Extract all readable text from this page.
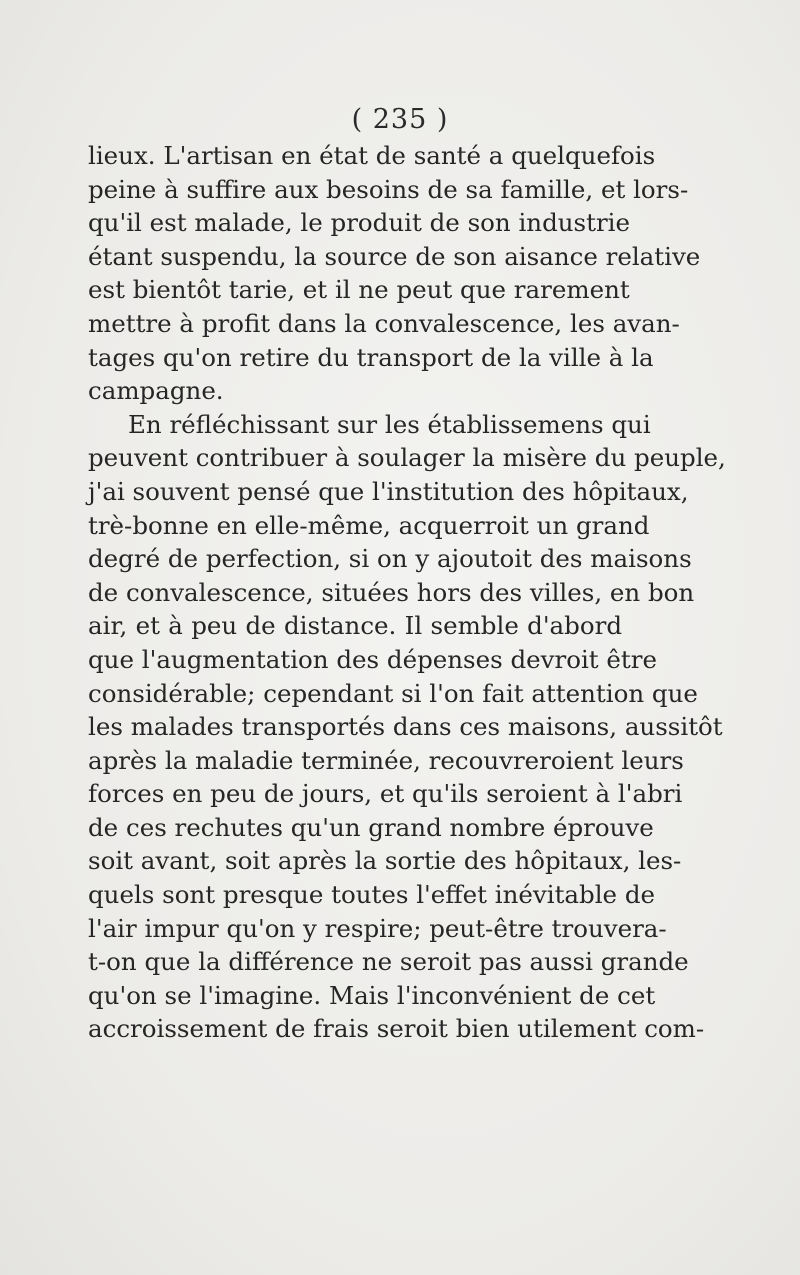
( 235 )
lieux. L'artisan en état de santé a quelquefois
peine à suffire aux besoins de sa famille, et lors-
qu'il est malade, le produit de son industrie
étant suspendu, la source de son aisance relative
est bientôt tarie, et il ne peut que rarement
mettre à profit dans la convalescence, les avan-
tages qu'on retire du transport de la ville à la
campagne.
En réfléchissant sur les établissemens qui
peuvent contribuer à soulager la misère du peuple,
j'ai souvent pensé que l'institution des hôpitaux,
trè-bonne en elle-même, acquerroit un grand
degré de perfection, si on y ajoutoit des maisons
de convalescence, situées hors des villes, en bon
air, et à peu de distance. Il semble d'abord
que l'augmentation des dépenses devroit être
considérable; cependant si l'on fait attention que
les malades transportés dans ces maisons, aussitôt
après la maladie terminée, recouvreroient leurs
forces en peu de jours, et qu'ils seroient à l'abri
de ces rechutes qu'un grand nombre éprouve
soit avant, soit après la sortie des hôpitaux, les-
quels sont presque toutes l'effet inévitable de
l'air impur qu'on y respire; peut-être trouvera-
t-on que la différence ne seroit pas aussi grande
qu'on se l'imagine. Mais l'inconvénient de cet
accroissement de frais seroit bien utilement com-
